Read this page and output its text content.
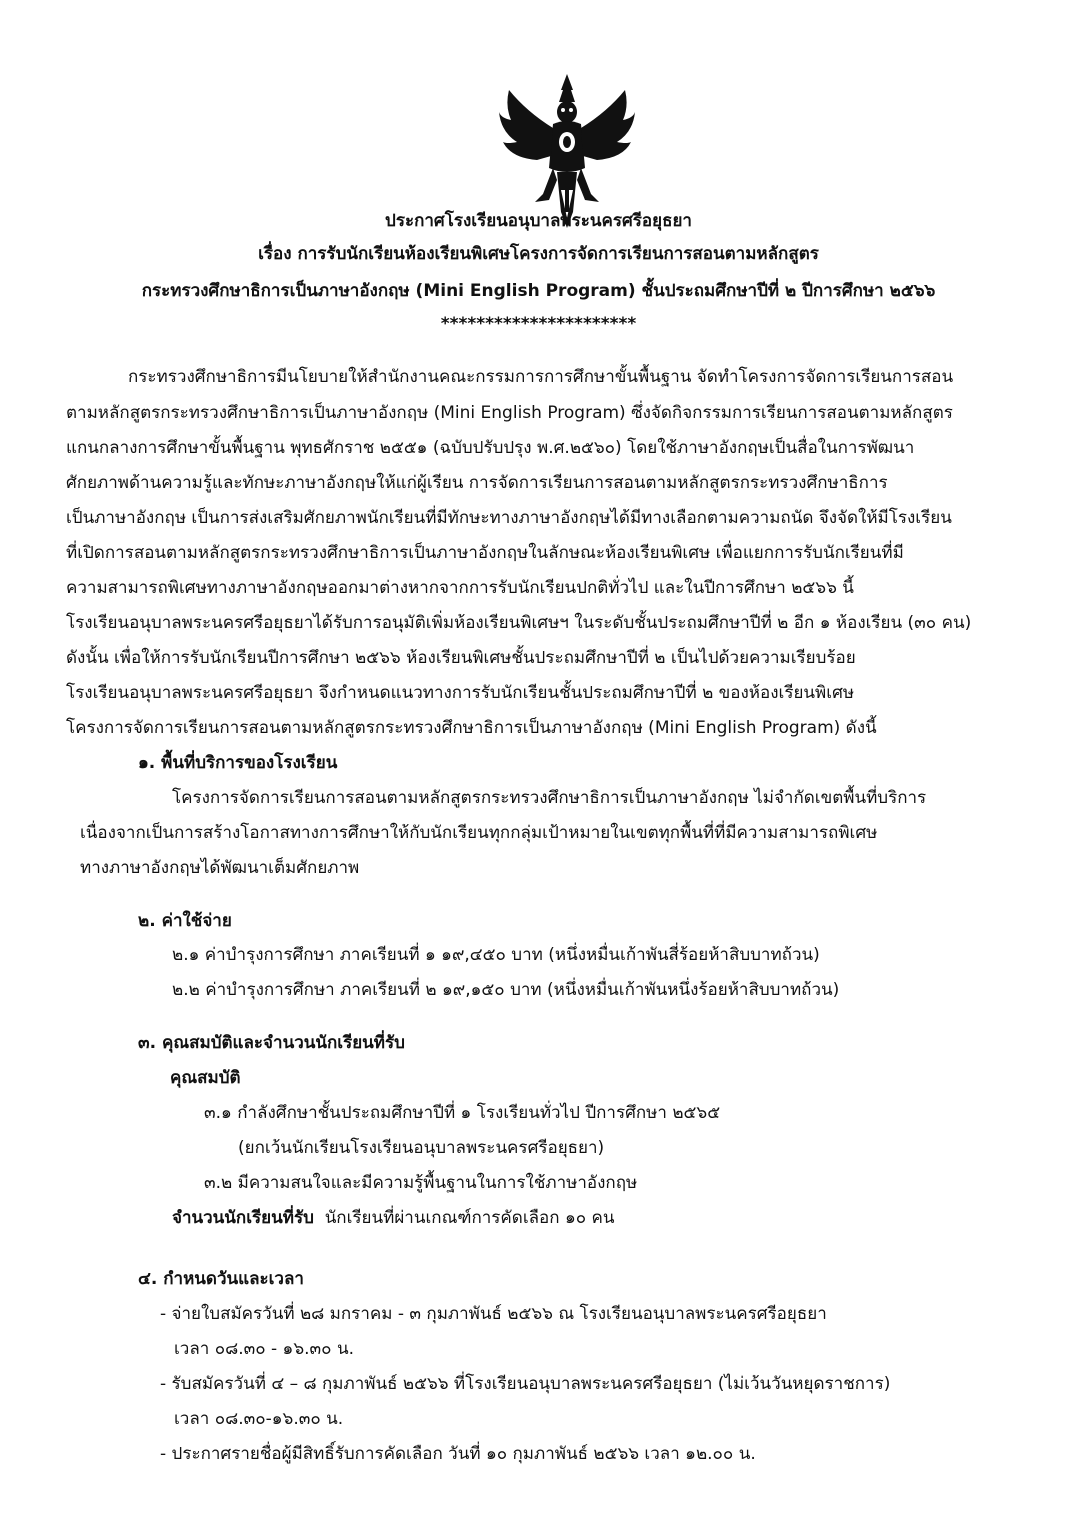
ประกาศโรงเรียนอนุบาลพระนครศรีอยุธยา
เรื่อง การรับนักเรียนห้องเรียนพิเศษโครงการจัดการเรียนการสอนตามหลักสูตร
กระทรวงศึกษาธิการเป็นภาษาอังกฤษ (Mini English Program) ชั้นประถมศึกษาปีที่ ๒ ปีการศึกษา ๒๕๖๖
**********************
กระทรวงศึกษาธิการมีนโยบายให้สำนักงานคณะกรรมการการศึกษาขั้นพื้นฐาน จัดทำโครงการจัดการเรียนการสอน
ตามหลักสูตรกระทรวงศึกษาธิการเป็นภาษาอังกฤษ (Mini English Program) ซึ่งจัดกิจกรรมการเรียนการสอนตามหลักสูตร
แกนกลางการศึกษาขั้นพื้นฐาน พุทธศักราช ๒๕๕๑ (ฉบับปรับปรุง พ.ศ.๒๕๖๐) โดยใช้ภาษาอังกฤษเป็นสื่อในการพัฒนา
ศักยภาพด้านความรู้และทักษะภาษาอังกฤษให้แก่ผู้เรียน การจัดการเรียนการสอนตามหลักสูตรกระทรวงศึกษาธิการ
เป็นภาษาอังกฤษ เป็นการส่งเสริมศักยภาพนักเรียนที่มีทักษะทางภาษาอังกฤษได้มีทางเลือกตามความถนัด จึงจัดให้มีโรงเรียน
ที่เปิดการสอนตามหลักสูตรกระทรวงศึกษาธิการเป็นภาษาอังกฤษในลักษณะห้องเรียนพิเศษ เพื่อแยกการรับนักเรียนที่มี
ความสามารถพิเศษทางภาษาอังกฤษออกมาต่างหากจากการรับนักเรียนปกติทั่วไป และในปีการศึกษา ๒๕๖๖ นี้
โรงเรียนอนุบาลพระนครศรีอยุธยาได้รับการอนุมัติเพิ่มห้องเรียนพิเศษฯ ในระดับชั้นประถมศึกษาปีที่ ๒ อีก ๑ ห้องเรียน (๓๐ คน)
ดังนั้น เพื่อให้การรับนักเรียนปีการศึกษา ๒๕๖๖ ห้องเรียนพิเศษชั้นประถมศึกษาปีที่ ๒ เป็นไปด้วยความเรียบร้อย
โรงเรียนอนุบาลพระนครศรีอยุธยา จึงกำหนดแนวทางการรับนักเรียนชั้นประถมศึกษาปีที่ ๒ ของห้องเรียนพิเศษ
โครงการจัดการเรียนการสอนตามหลักสูตรกระทรวงศึกษาธิการเป็นภาษาอังกฤษ (Mini English Program) ดังนี้
๑. พื้นที่บริการของโรงเรียน
โครงการจัดการเรียนการสอนตามหลักสูตรกระทรวงศึกษาธิการเป็นภาษาอังกฤษ ไม่จำกัดเขตพื้นที่บริการ
เนื่องจากเป็นการสร้างโอกาสทางการศึกษาให้กับนักเรียนทุกกลุ่มเป้าหมายในเขตทุกพื้นที่ที่มีความสามารถพิเศษ
ทางภาษาอังกฤษได้พัฒนาเต็มศักยภาพ
๒. ค่าใช้จ่าย
๒.๑ ค่าบำรุงการศึกษา ภาคเรียนที่ ๑ ๑๙,๔๕๐ บาท (หนึ่งหมื่นเก้าพันสี่ร้อยห้าสิบบาทถ้วน)
๒.๒ ค่าบำรุงการศึกษา ภาคเรียนที่ ๒ ๑๙,๑๕๐ บาท (หนึ่งหมื่นเก้าพันหนึ่งร้อยห้าสิบบาทถ้วน)
๓. คุณสมบัติและจำนวนนักเรียนที่รับ
คุณสมบัติ
๓.๑ กำลังศึกษาชั้นประถมศึกษาปีที่ ๑ โรงเรียนทั่วไป ปีการศึกษา ๒๕๖๕
(ยกเว้นนักเรียนโรงเรียนอนุบาลพระนครศรีอยุธยา)
๓.๒ มีความสนใจและมีความรู้พื้นฐานในการใช้ภาษาอังกฤษ
จำนวนนักเรียนที่รับ นักเรียนที่ผ่านเกณฑ์การคัดเลือก ๑๐ คน
๔. กำหนดวันและเวลา
- จ่ายใบสมัครวันที่ ๒๘ มกราคม - ๓ กุมภาพันธ์ ๒๕๖๖ ณ โรงเรียนอนุบาลพระนครศรีอยุธยา
เวลา ๐๘.๓๐ - ๑๖.๓๐ น.
- รับสมัครวันที่ ๔ – ๘ กุมภาพันธ์ ๒๕๖๖ ที่โรงเรียนอนุบาลพระนครศรีอยุธยา (ไม่เว้นวันหยุดราชการ)
เวลา ๐๘.๓๐-๑๖.๓๐ น.
- ประกาศรายชื่อผู้มีสิทธิ์รับการคัดเลือก วันที่ ๑๐ กุมภาพันธ์ ๒๕๖๖ เวลา ๑๒.๐๐ น.
